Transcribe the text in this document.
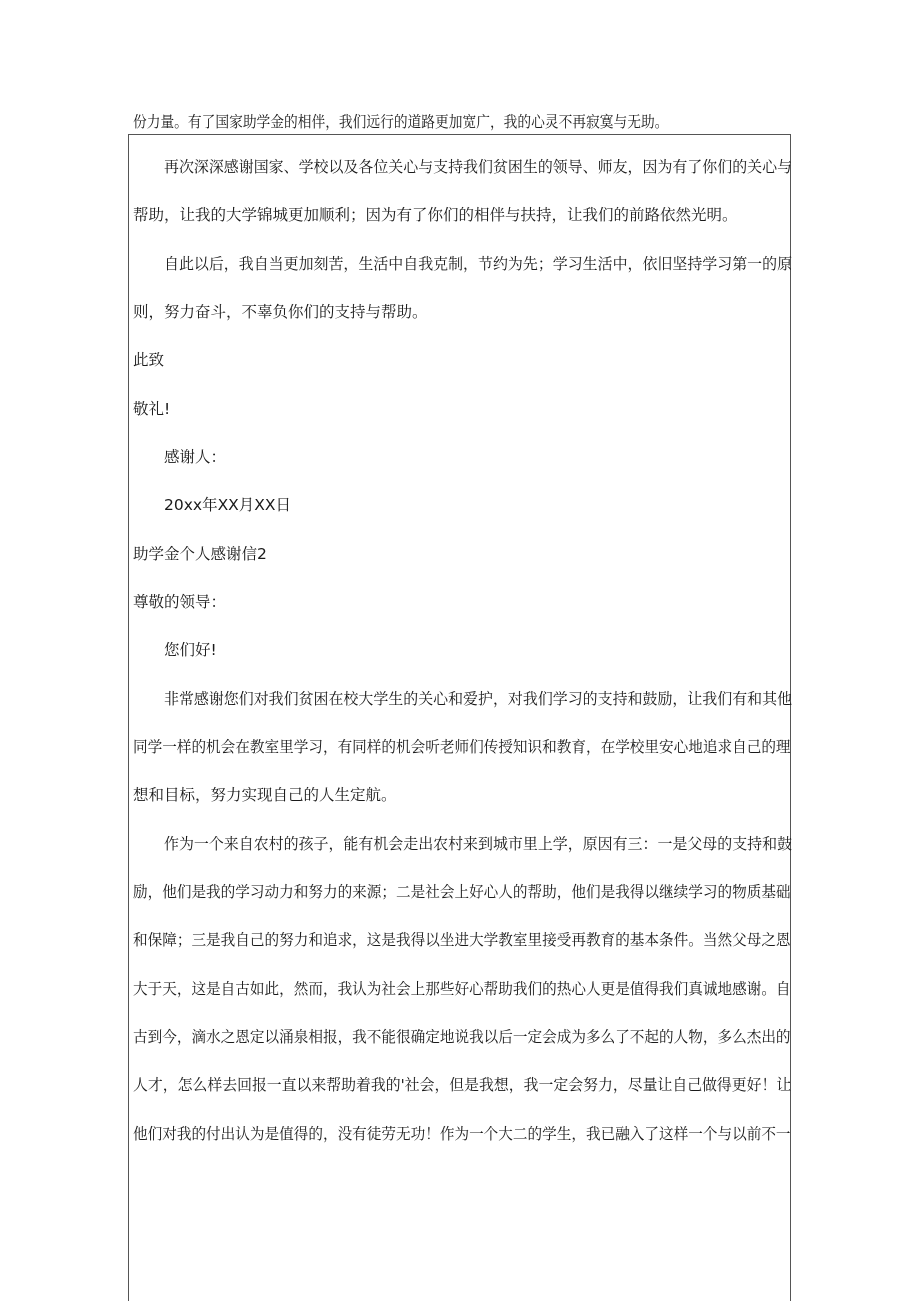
份力量。有了国家助学金的相伴，我们远行的道路更加宽广，我的心灵不再寂寞与无助。
再次深深感谢国家、学校以及各位关心与支持我们贫困生的领导、师友，因为有了你们的关心与
帮助，让我的大学锦城更加顺利；因为有了你们的相伴与扶持，让我们的前路依然光明。
自此以后，我自当更加刻苦，生活中自我克制，节约为先；学习生活中，依旧坚持学习第一的原
则，努力奋斗，不辜负你们的支持与帮助。
此致
敬礼!
感谢人：
20xx年XX月XX日
助学金个人感谢信2
尊敬的领导：
您们好!
非常感谢您们对我们贫困在校大学生的关心和爱护，对我们学习的支持和鼓励，让我们有和其他
同学一样的机会在教室里学习，有同样的机会听老师们传授知识和教育，在学校里安心地追求自己的理
想和目标，努力实现自己的人生定航。
作为一个来自农村的孩子，能有机会走出农村来到城市里上学，原因有三：一是父母的支持和鼓
励，他们是我的学习动力和努力的来源；二是社会上好心人的帮助，他们是我得以继续学习的物质基础
和保障；三是我自己的努力和追求，这是我得以坐进大学教室里接受再教育的基本条件。当然父母之恩
大于天，这是自古如此，然而，我认为社会上那些好心帮助我们的热心人更是值得我们真诚地感谢。自
古到今，滴水之恩定以涌泉相报，我不能很确定地说我以后一定会成为多么了不起的人物，多么杰出的
人才，怎么样去回报一直以来帮助着我的'社会，但是我想，我一定会努力，尽量让自己做得更好！让
他们对我的付出认为是值得的，没有徒劳无功！作为一个大二的学生，我已融入了这样一个与以前不一
